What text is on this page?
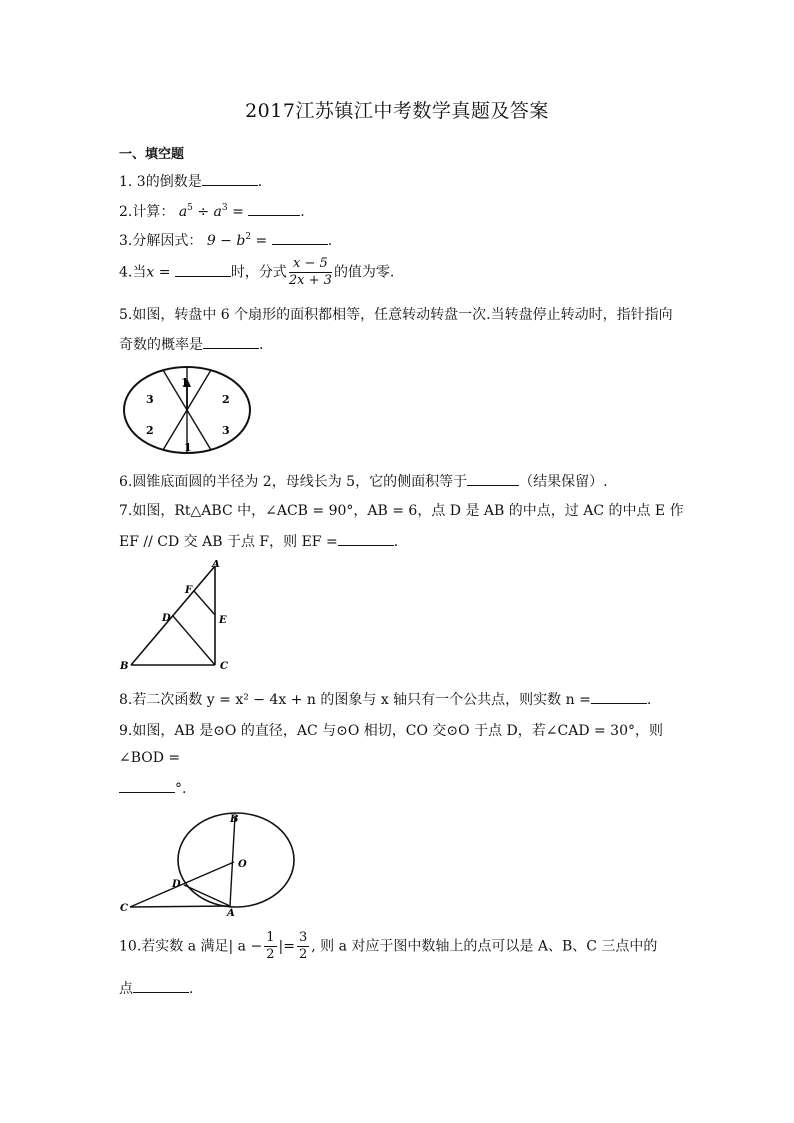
2017江苏镇江中考数学真题及答案
一、填空题
1. 3的倒数是	.
2.计算： $a^5 \div a^3$ =	.
3.分解因式： $9 - b^2$ =	.
4.当x =	时，分式 $\frac{x - 5}{2x + 3}$ 的值为零.
5.如图，转盘中 6 个扇形的面积都相等，任意转动转盘一次.当转盘停止转动时，指针指向
奇数的概率是	.
1
2
3
1
2
3
6.圆锥底面圆的半径为 2，母线长为 5，它的侧面积等于	（结果保留）.
7.如图，Rt△ABC 中，∠ACB = 90°，AB = 6，点 D 是 AB 的中点，过 AC 的中点 E 作
EF // CD 交 AB 于点 F，则 EF =	.
A
B	C
D	E
F
8.若二次函数 y = x² − 4x + n 的图象与 x 轴只有一个公共点，则实数 n =	.
9.如图，AB 是⊙O 的直径，AC 与⊙O 相切，CO 交⊙O 于点 D，若∠CAD = 30°，则
∠BOD =
°.
B
A
C
D
O
10.若实数 a 满足| $a - \frac{1}{2}$ |= $\frac{3}{2}$ , 则 a 对应于图中数轴上的点可以是 A、B、C 三点中的
点	.
